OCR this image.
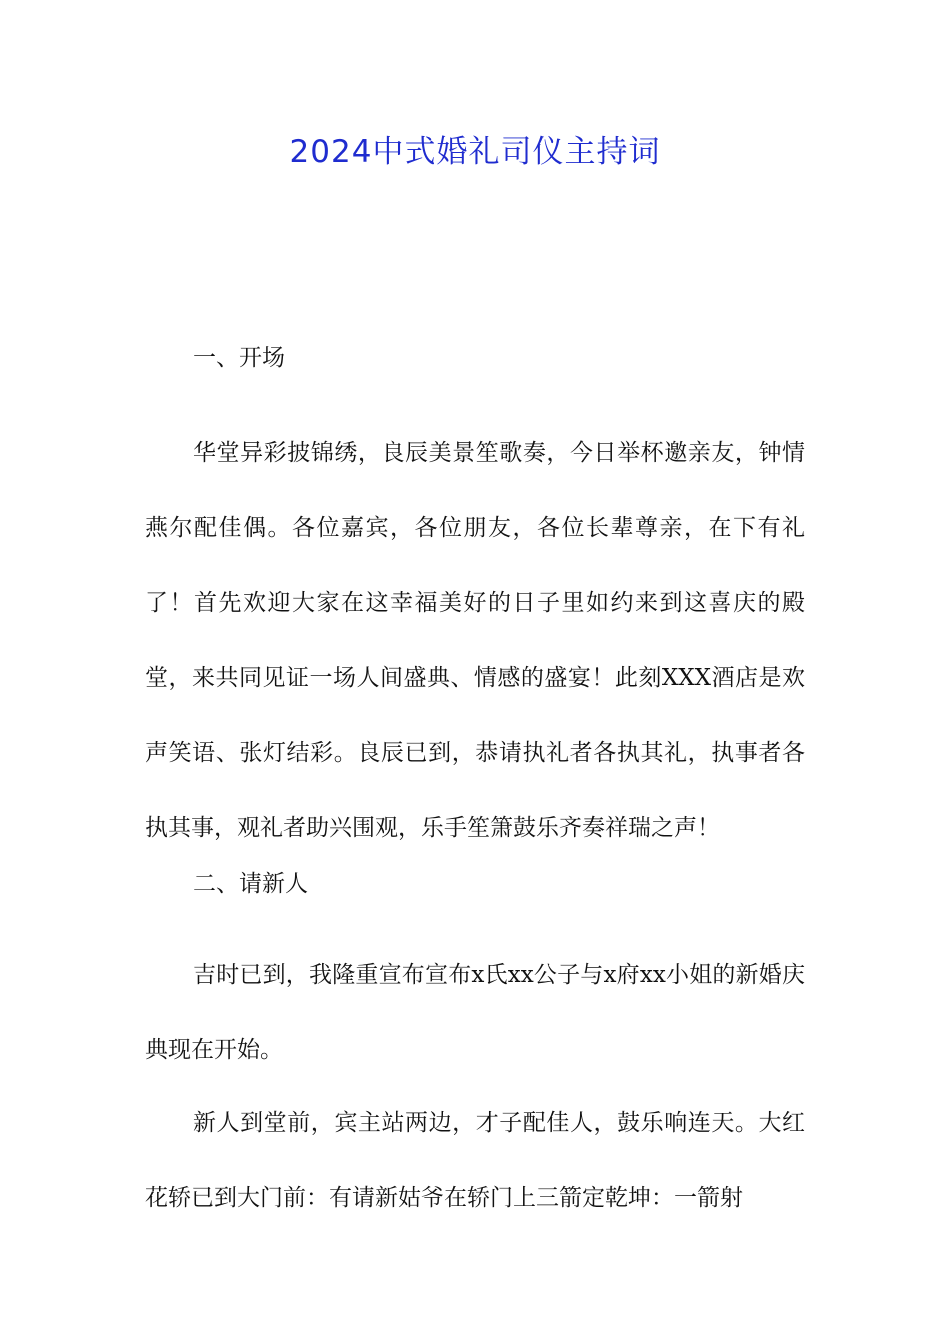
2024中式婚礼司仪主持词
一、开场
华堂异彩披锦绣，良辰美景笙歌奏，今日举杯邀亲友，钟情燕尔配佳偶。各位嘉宾，各位朋友，各位长辈尊亲，在下有礼了！首先欢迎大家在这幸福美好的日子里如约来到这喜庆的殿堂，来共同见证一场人间盛典、情感的盛宴！此刻XXX酒店是欢声笑语、张灯结彩。良辰已到，恭请执礼者各执其礼，执事者各执其事，观礼者助兴围观，乐手笙箫鼓乐齐奏祥瑞之声！
二、请新人
吉时已到，我隆重宣布宣布x氏xx公子与x府xx小姐的新婚庆典现在开始。
新人到堂前，宾主站两边，才子配佳人，鼓乐响连天。大红花轿已到大门前：有请新姑爷在轿门上三箭定乾坤：一箭射
